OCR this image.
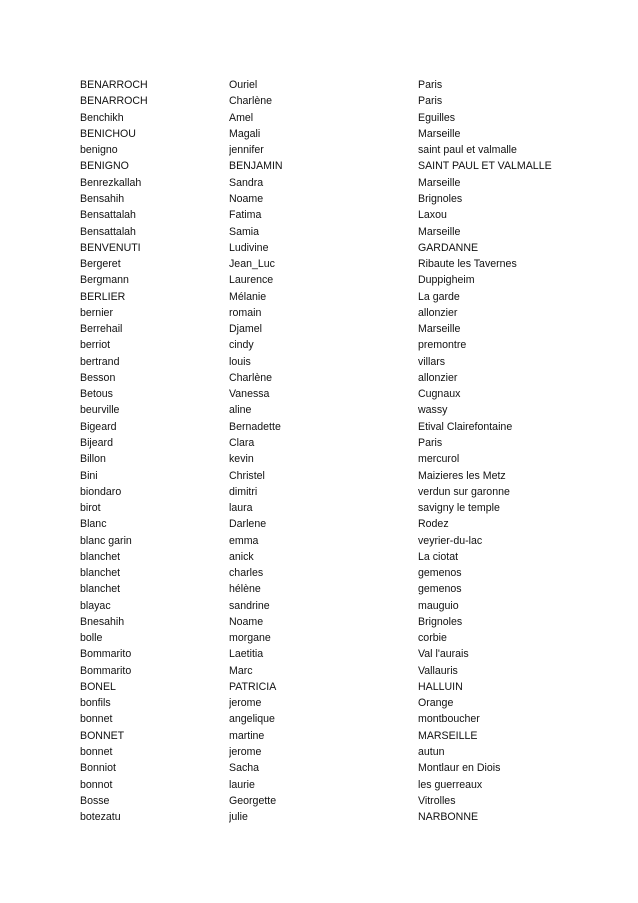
BENARROCH	Ouriel	Paris
BENARROCH	Charlène	Paris
Benchikh	Amel	Eguilles
BENICHOU	Magali	Marseille
benigno	jennifer	saint paul et valmalle
BENIGNO	BENJAMIN	SAINT PAUL ET VALMALLE
Benrezkallah	Sandra	Marseille
Bensahih	Noame	Brignoles
Bensattalah	Fatima	Laxou
Bensattalah	Samia	Marseille
BENVENUTI	Ludivine	GARDANNE
Bergeret	Jean_Luc	Ribaute les Tavernes
Bergmann	Laurence	Duppigheim
BERLIER	Mélanie	La garde
bernier	romain	allonzier
Berrehail	Djamel	Marseille
berriot	cindy	premontre
bertrand	louis	villars
Besson	Charlène	allonzier
Betous	Vanessa	Cugnaux
beurville	aline	wassy
Bigeard	Bernadette	Etival Clairefontaine
Bijeard	Clara	Paris
Billon	kevin	mercurol
Bini	Christel	Maizieres les Metz
biondaro	dimitri	verdun sur garonne
birot	laura	savigny le temple
Blanc	Darlene	Rodez
blanc garin	emma	veyrier-du-lac
blanchet	anick	La ciotat
blanchet	charles	gemenos
blanchet	hélène	gemenos
blayac	sandrine	mauguio
Bnesahih	Noame	Brignoles
bolle	morgane	corbie
Bommarito	Laetitia	Val l'aurais
Bommarito	Marc	Vallauris
BONEL	PATRICIA	HALLUIN
bonfils	jerome	Orange
bonnet	angelique	montboucher
BONNET	martine	MARSEILLE
bonnet	jerome	autun
Bonniot	Sacha	Montlaur en Diois
bonnot	laurie	les guerreaux
Bosse	Georgette	Vitrolles
botezatu	julie	NARBONNE
